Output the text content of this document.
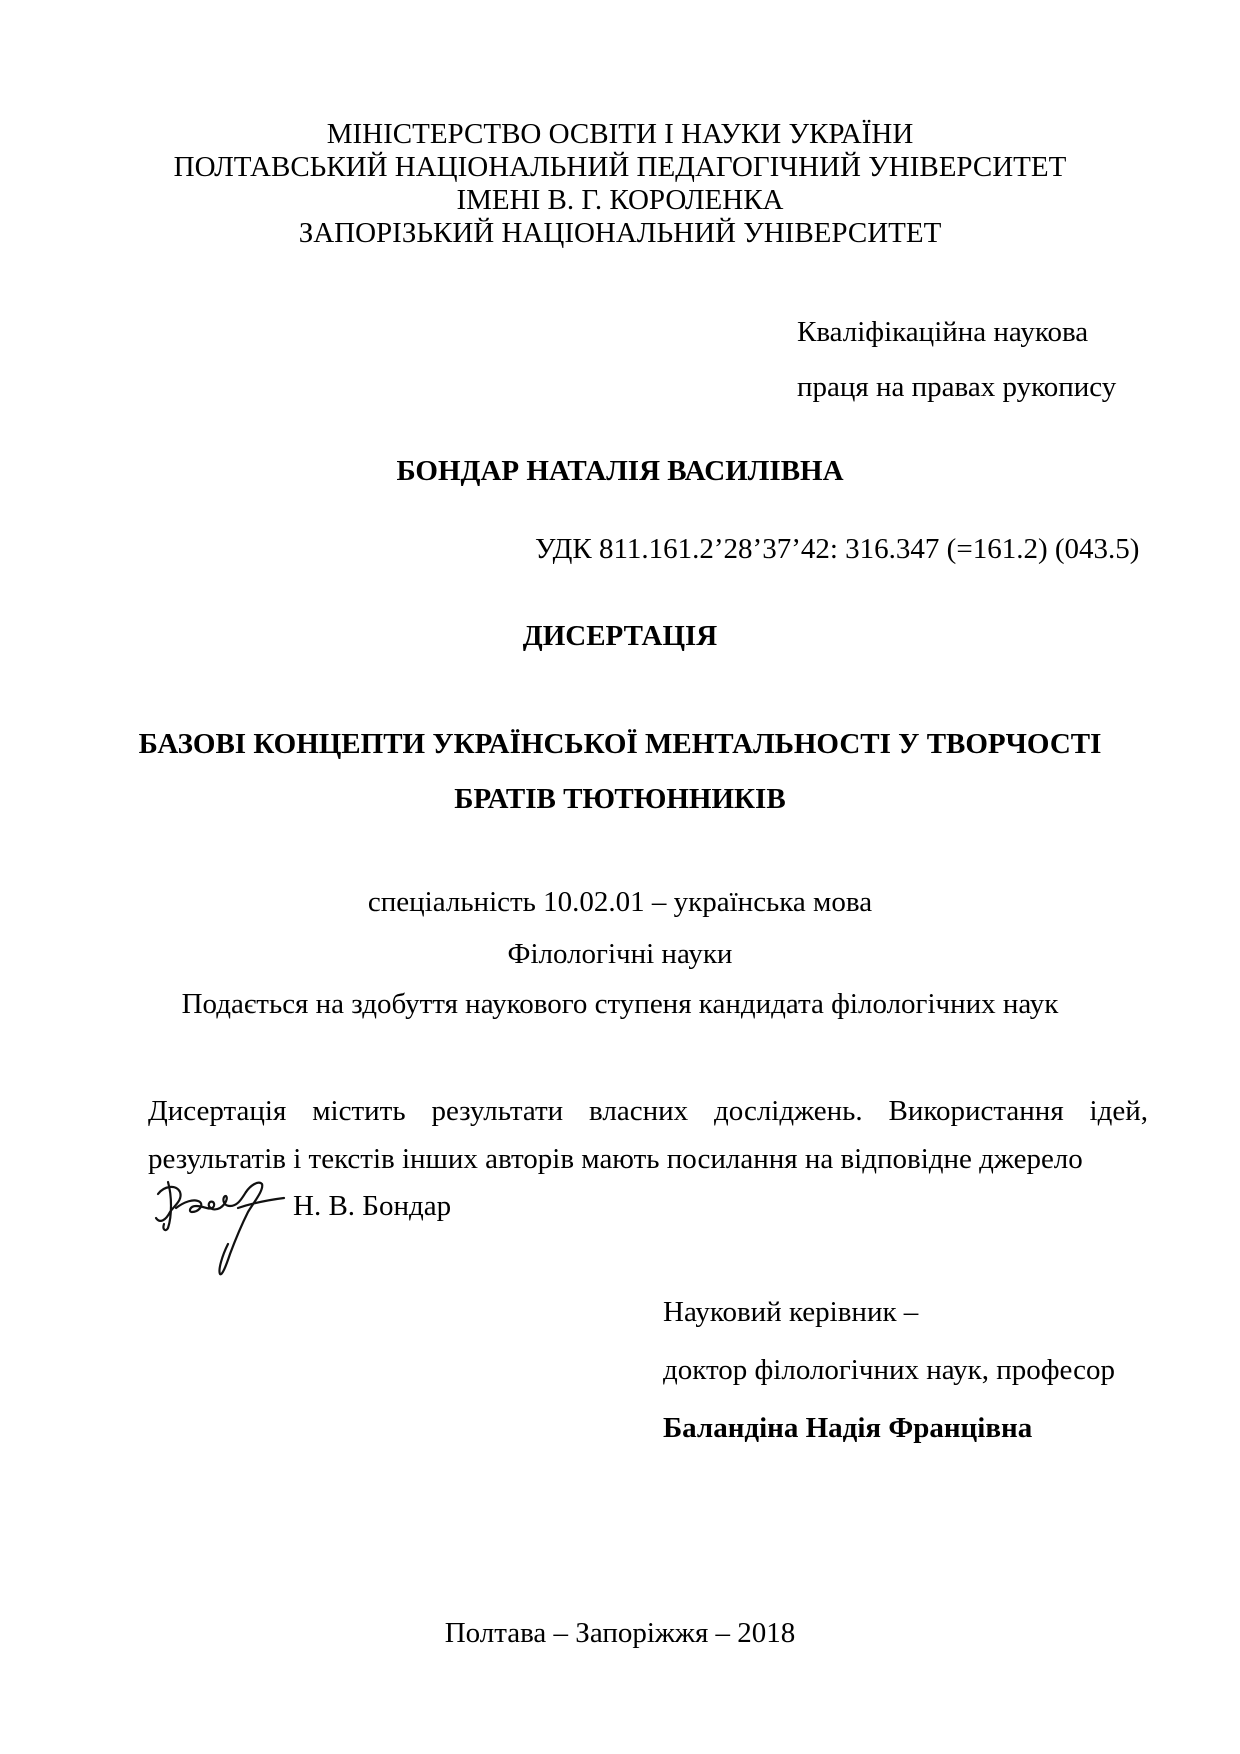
МІНІСТЕРСТВО ОСВІТИ І НАУКИ УКРАЇНИ
ПОЛТАВСЬКИЙ НАЦІОНАЛЬНИЙ ПЕДАГОГІЧНИЙ УНІВЕРСИТЕТ
ІМЕНІ В. Г. КОРОЛЕНКА
ЗАПОРІЗЬКИЙ НАЦІОНАЛЬНИЙ УНІВЕРСИТЕТ
Кваліфікаційна наукова
праця на правах рукопису
БОНДАР НАТАЛІЯ ВАСИЛІВНА
УДК 811.161.2’28’37’42: 316.347 (=161.2) (043.5)
ДИСЕРТАЦІЯ
БАЗОВІ КОНЦЕПТИ УКРАЇНСЬКОЇ МЕНТАЛЬНОСТІ У ТВОРЧОСТІ
БРАТІВ ТЮТЮННИКІВ
спеціальність 10.02.01 – українська мова
Філологічні науки
Подається на здобуття наукового ступеня кандидата філологічних наук
Дисертація містить результати власних досліджень. Використання ідей,
результатів і текстів інших авторів мають посилання на відповідне джерело
Н. В. Бондар
Науковий керівник –
доктор філологічних наук, професор
Баландіна Надія Францівна
Полтава – Запоріжжя – 2018
